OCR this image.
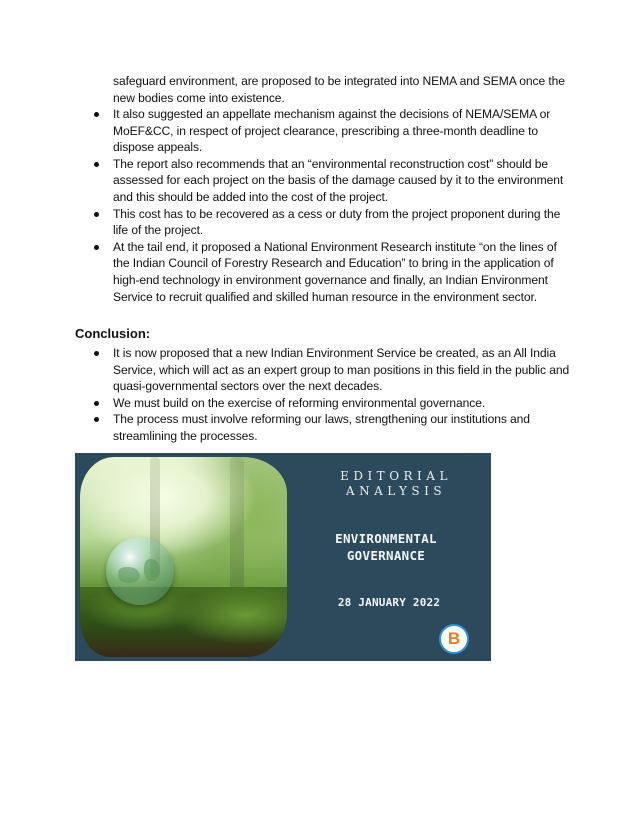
safeguard environment, are proposed to be integrated into NEMA and SEMA once the new bodies come into existence.

It also suggested an appellate mechanism against the decisions of NEMA/SEMA or MoEF&CC, in respect of project clearance, prescribing a three-month deadline to dispose appeals.
The report also recommends that an “environmental reconstruction cost” should be assessed for each project on the basis of the damage caused by it to the environment and this should be added into the cost of the project.
This cost has to be recovered as a cess or duty from the project proponent during the life of the project.
At the tail end, it proposed a National Environment Research institute “on the lines of the Indian Council of Forestry Research and Education” to bring in the application of high-end technology in environment governance and finally, an Indian Environment Service to recruit qualified and skilled human resource in the environment sector.
Conclusion:
It is now proposed that a new Indian Environment Service be created, as an All India Service, which will act as an expert group to man positions in this field in the public and quasi-governmental sectors over the next decades.
We must build on the exercise of reforming environmental governance.
The process must involve reforming our laws, strengthening our institutions and streamlining the processes.
EDITORIAL
ANALYSIS
ENVIRONMENTAL
GOVERNANCE
28 JANUARY 2022
B
